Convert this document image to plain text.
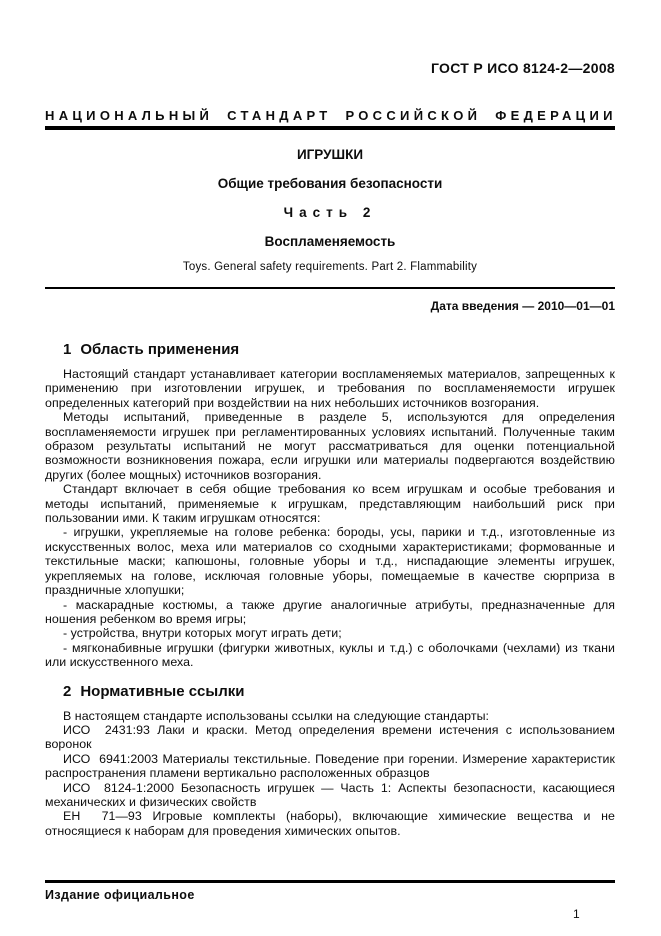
ГОСТ Р ИСО 8124-2—2008
НАЦИОНАЛЬНЫЙ СТАНДАРТ РОССИЙСКОЙ ФЕДЕРАЦИИ
ИГРУШКИ
Общие требования безопасности
Часть 2
Воспламеняемость
Toys. General safety requirements. Part 2. Flammability
Дата введения — 2010—01—01
1 Область применения

Настоящий стандарт устанавливает категории воспламеняемых материалов, запрещенных к применению при изготовлении игрушек, и требования по воспламеняемости игрушек определенных категорий при воздействии на них небольших источников возгорания.

Методы испытаний, приведенные в разделе 5, используются для определения воспламеняемости игрушек при регламентированных условиях испытаний. Полученные таким образом результаты испытаний не могут рассматриваться для оценки потенциальной возможности возникновения пожара, если игрушки или материалы подвергаются воздействию других (более мощных) источников возгорания.

Стандарт включает в себя общие требования ко всем игрушкам и особые требования и методы испытаний, применяемые к игрушкам, представляющим наибольший риск при пользовании ими. К таким игрушкам относятся:

- игрушки, укрепляемые на голове ребенка: бороды, усы, парики и т.д., изготовленные из искусственных волос, меха или материалов со сходными характеристиками; формованные и текстильные маски; капюшоны, головные уборы и т.д., ниспадающие элементы игрушек, укрепляемых на голове, исключая головные уборы, помещаемые в качестве сюрприза в праздничные хлопушки;

- маскарадные костюмы, а также другие аналогичные атрибуты, предназначенные для ношения ребенком во время игры;

- устройства, внутри которых могут играть дети;

- мягконабивные игрушки (фигурки животных, куклы и т.д.) с оболочками (чехлами) из ткани или искусственного меха.

2 Нормативные ссылки

В настоящем стандарте использованы ссылки на следующие стандарты:

ИСО  2431:93 Лаки и краски. Метод определения времени истечения с использованием воронок

ИСО  6941:2003 Материалы текстильные. Поведение при горении. Измерение характеристик распространения пламени вертикально расположенных образцов

ИСО  8124-1:2000 Безопасность игрушек — Часть 1: Аспекты безопасности, касающиеся механических и физических свойств

ЕН  71—93 Игровые комплекты (наборы), включающие химические вещества и не относящиеся к наборам для проведения химических опытов.

Издание официальное
1
